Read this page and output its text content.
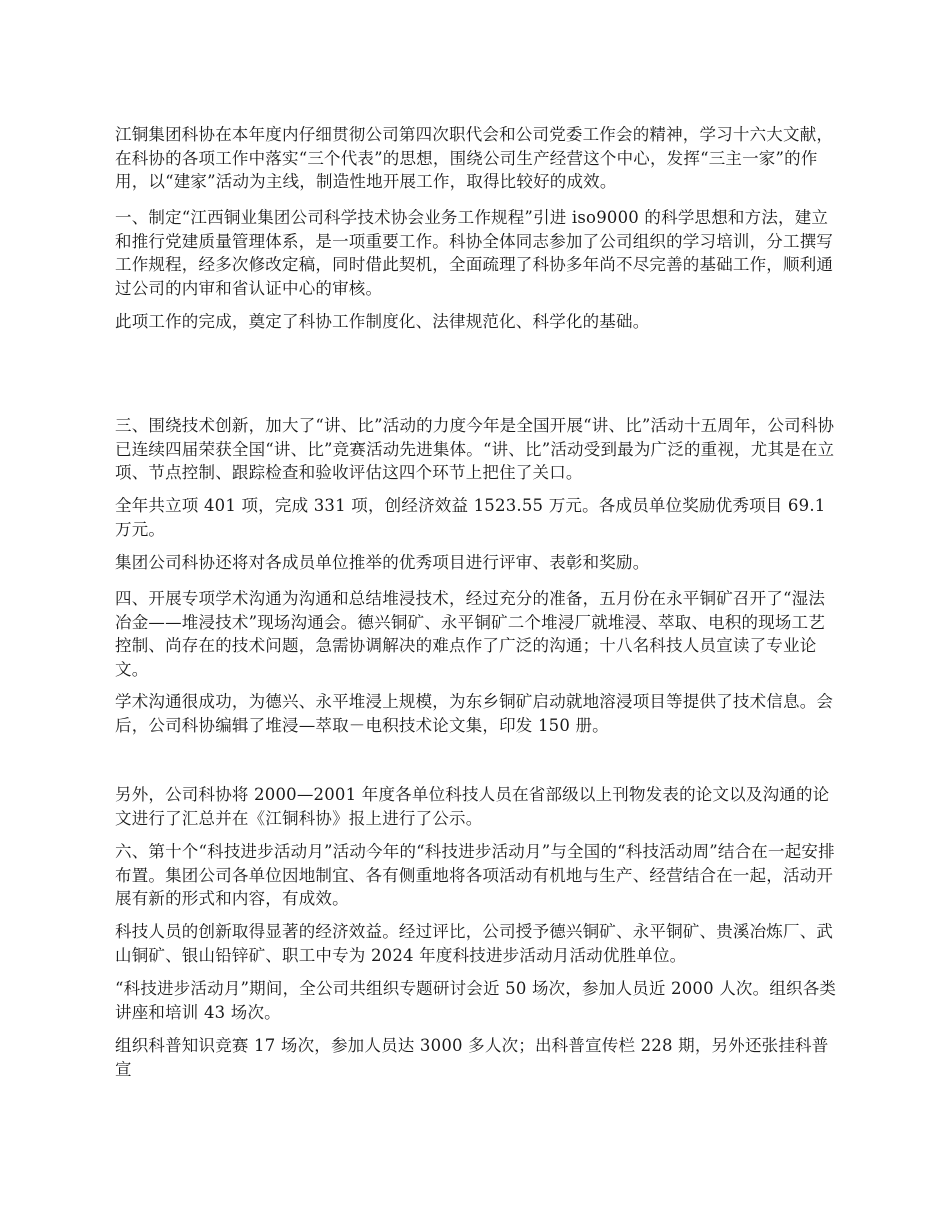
江铜集团科协在本年度内仔细贯彻公司第四次职代会和公司党委工作会的精神，学习十六大文献，在科协的各项工作中落实“三个代表”的思想，围绕公司生产经营这个中心，发挥“三主一家”的作用，以“建家”活动为主线，制造性地开展工作，取得比较好的成效。

一、制定“江西铜业集团公司科学技术协会业务工作规程”引进 iso9000 的科学思想和方法，建立和推行党建质量管理体系，是一项重要工作。科协全体同志参加了公司组织的学习培训，分工撰写工作规程，经多次修改定稿，同时借此契机，全面疏理了科协多年尚不尽完善的基础工作，顺利通过公司的内审和省认证中心的审核。

此项工作的完成，奠定了科协工作制度化、法律规范化、科学化的基础。

三、围绕技术创新，加大了“讲、比”活动的力度今年是全国开展“讲、比”活动十五周年，公司科协已连续四届荣获全国“讲、比”竞赛活动先进集体。“讲、比”活动受到最为广泛的重视，尤其是在立项、节点控制、跟踪检查和验收评估这四个环节上把住了关口。

全年共立项 401 项，完成 331 项，创经济效益 1523.55 万元。各成员单位奖励优秀项目 69.1 万元。

集团公司科协还将对各成员单位推举的优秀项目进行评审、表彰和奖励。

四、开展专项学术沟通为沟通和总结堆浸技术，经过充分的准备，五月份在永平铜矿召开了“湿法冶金——堆浸技术”现场沟通会。德兴铜矿、永平铜矿二个堆浸厂就堆浸、萃取、电积的现场工艺控制、尚存在的技术问题，急需协调解决的难点作了广泛的沟通；十八名科技人员宣读了专业论文。

学术沟通很成功，为德兴、永平堆浸上规模，为东乡铜矿启动就地溶浸项目等提供了技术信息。会后，公司科协编辑了堆浸—萃取－电积技术论文集，印发 150 册。

另外，公司科协将 2000—2001 年度各单位科技人员在省部级以上刊物发表的论文以及沟通的论文进行了汇总并在《江铜科协》报上进行了公示。

六、第十个“科技进步活动月”活动今年的“科技进步活动月”与全国的“科技活动周”结合在一起安排布置。集团公司各单位因地制宜、各有侧重地将各项活动有机地与生产、经营结合在一起，活动开展有新的形式和内容，有成效。

科技人员的创新取得显著的经济效益。经过评比，公司授予德兴铜矿、永平铜矿、贵溪冶炼厂、武山铜矿、银山铅锌矿、职工中专为 2024 年度科技进步活动月活动优胜单位。

“科技进步活动月”期间，全公司共组织专题研讨会近 50 场次，参加人员近 2000 人次。组织各类讲座和培训 43 场次。

组织科普知识竞赛 17 场次，参加人员达 3000 多人次；出科普宣传栏 228 期，另外还张挂科普宣
